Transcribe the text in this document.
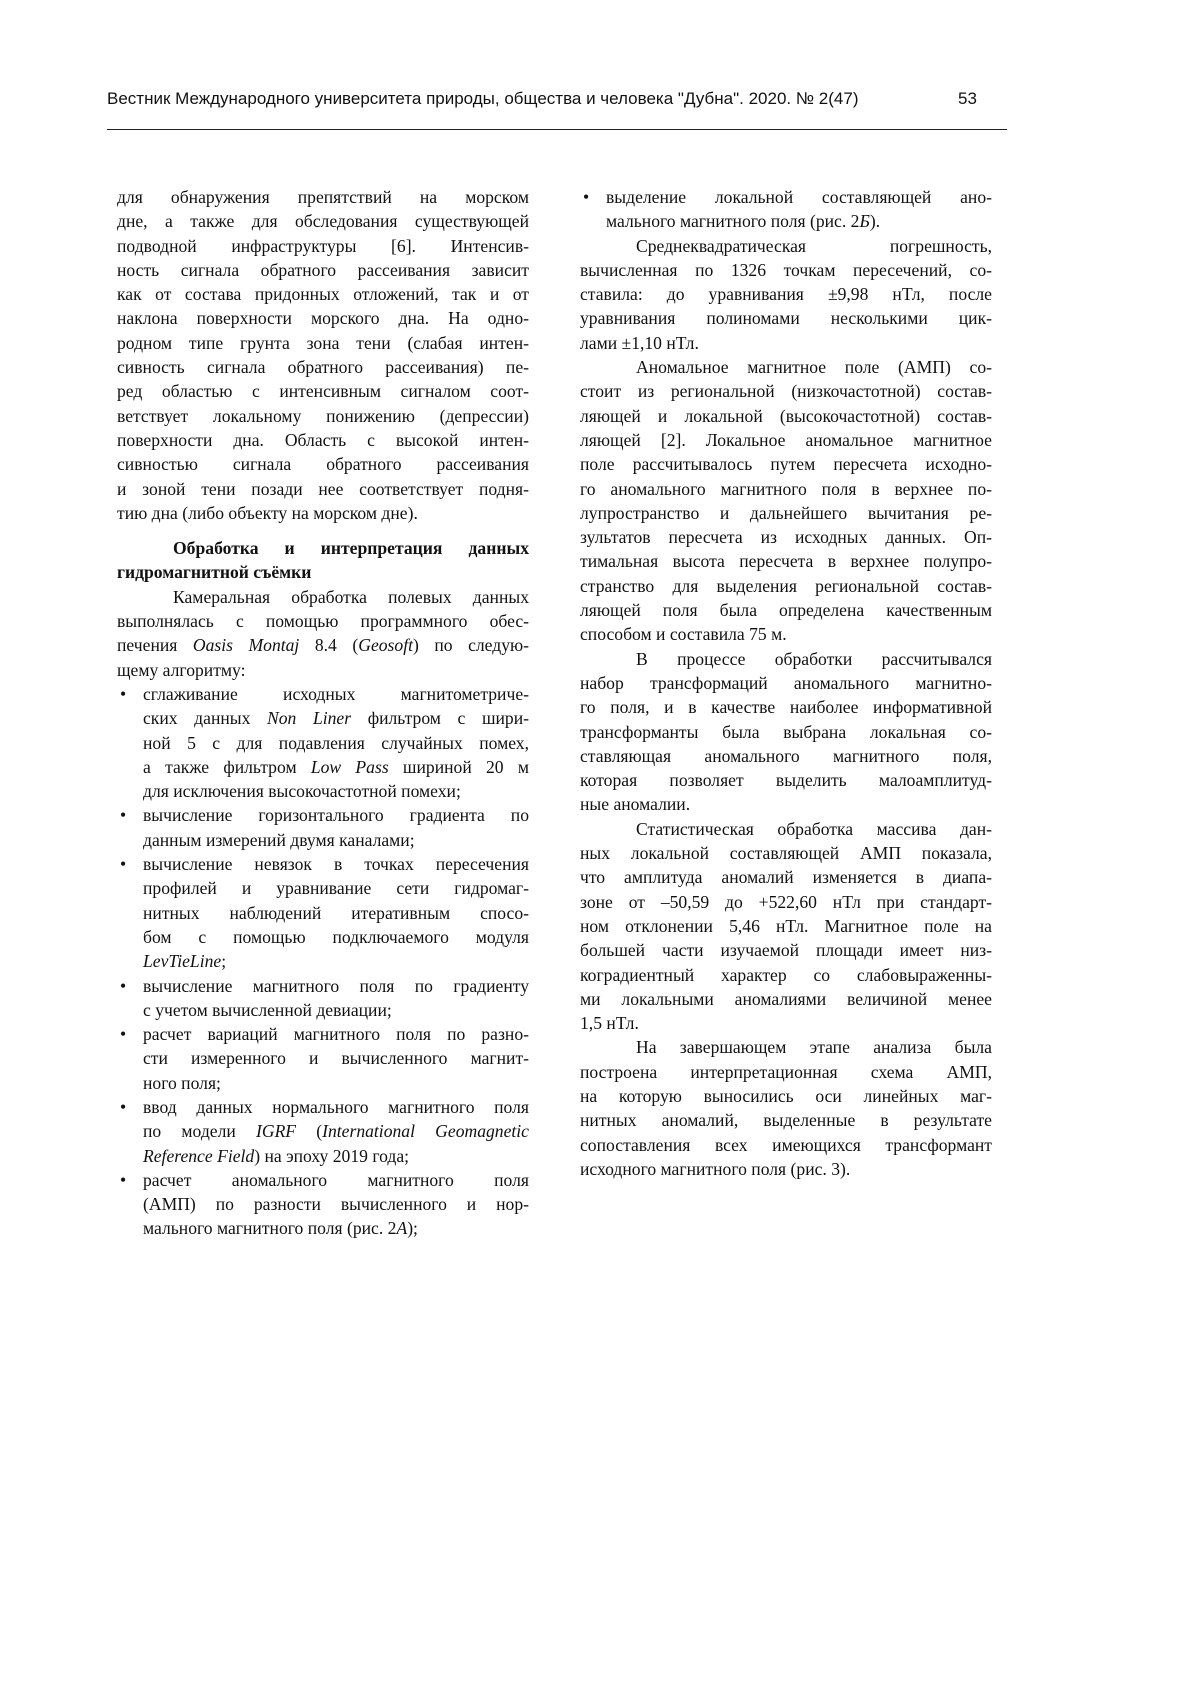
Вестник Международного университета природы, общества и человека "Дубна". 2020. № 2(47)	53
для обнаружения препятствий на морском
дне, а также для обследования существующей
подводной инфраструктуры [6]. Интенсив-
ность сигнала обратного рассеивания зависит
как от состава придонных отложений, так и от
наклона поверхности морского дна. На одно-
родном типе грунта зона тени (слабая интен-
сивность сигнала обратного рассеивания) пе-
ред областью с интенсивным сигналом соот-
ветствует локальному понижению (депрессии)
поверхности дна. Область с высокой интен-
сивностью сигнала обратного рассеивания
и зоной тени позади нее соответствует подня-
тию дна (либо объекту на морском дне).
Обработка и интерпретация данных
гидромагнитной съёмки
Камеральная обработка полевых данных
выполнялась с помощью программного обес-
печения Oasis Montaj 8.4 (Geosoft) по следую-
щему алгоритму:
• сглаживание исходных магнитометриче-
ских данных Non Liner фильтром с шири-
ной 5 с для подавления случайных помех,
а также фильтром Low Pass шириной 20 м
для исключения высокочастотной помехи;
• вычисление горизонтального градиента по
данным измерений двумя каналами;
• вычисление невязок в точках пересечения
профилей и уравнивание сети гидромаг-
нитных наблюдений итеративным спосо-
бом с помощью подключаемого модуля
LevTieLine;
• вычисление магнитного поля по градиенту
с учетом вычисленной девиации;
• расчет вариаций магнитного поля по разно-
сти измеренного и вычисленного магнит-
ного поля;
• ввод данных нормального магнитного поля
по модели IGRF (International Geomagnetic
Reference Field) на эпоху 2019 года;
• расчет аномального магнитного поля
(АМП) по разности вычисленного и нор-
мального магнитного поля (рис. 2А);
• выделение локальной составляющей ано-
мального магнитного поля (рис. 2Б).
Среднеквадратическая погрешность,
вычисленная по 1326 точкам пересечений, со-
ставила: до уравнивания ±9,98 нТл, после
уравнивания полиномами несколькими цик-
лами ±1,10 нТл.
Аномальное магнитное поле (АМП) со-
стоит из региональной (низкочастотной) состав-
ляющей и локальной (высокочастотной) состав-
ляющей [2]. Локальное аномальное магнитное
поле рассчитывалось путем пересчета исходно-
го аномального магнитного поля в верхнее по-
лупространство и дальнейшего вычитания ре-
зультатов пересчета из исходных данных. Оп-
тимальная высота пересчета в верхнее полупро-
странство для выделения региональной состав-
ляющей поля была определена качественным
способом и составила 75 м.
В процессе обработки рассчитывался
набор трансформаций аномального магнитно-
го поля, и в качестве наиболее информативной
трансформанты была выбрана локальная со-
ставляющая аномального магнитного поля,
которая позволяет выделить малоамплитуд-
ные аномалии.
Статистическая обработка массива дан-
ных локальной составляющей АМП показала,
что амплитуда аномалий изменяется в диапа-
зоне от –50,59 до +522,60 нТл при стандарт-
ном отклонении 5,46 нТл. Магнитное поле на
большей части изучаемой площади имеет низ-
коградиентный характер со слабовыраженны-
ми локальными аномалиями величиной менее
1,5 нТл.
На завершающем этапе анализа была
построена интерпретационная схема АМП,
на которую выносились оси линейных маг-
нитных аномалий, выделенные в результате
сопоставления всех имеющихся трансформант
исходного магнитного поля (рис. 3).
